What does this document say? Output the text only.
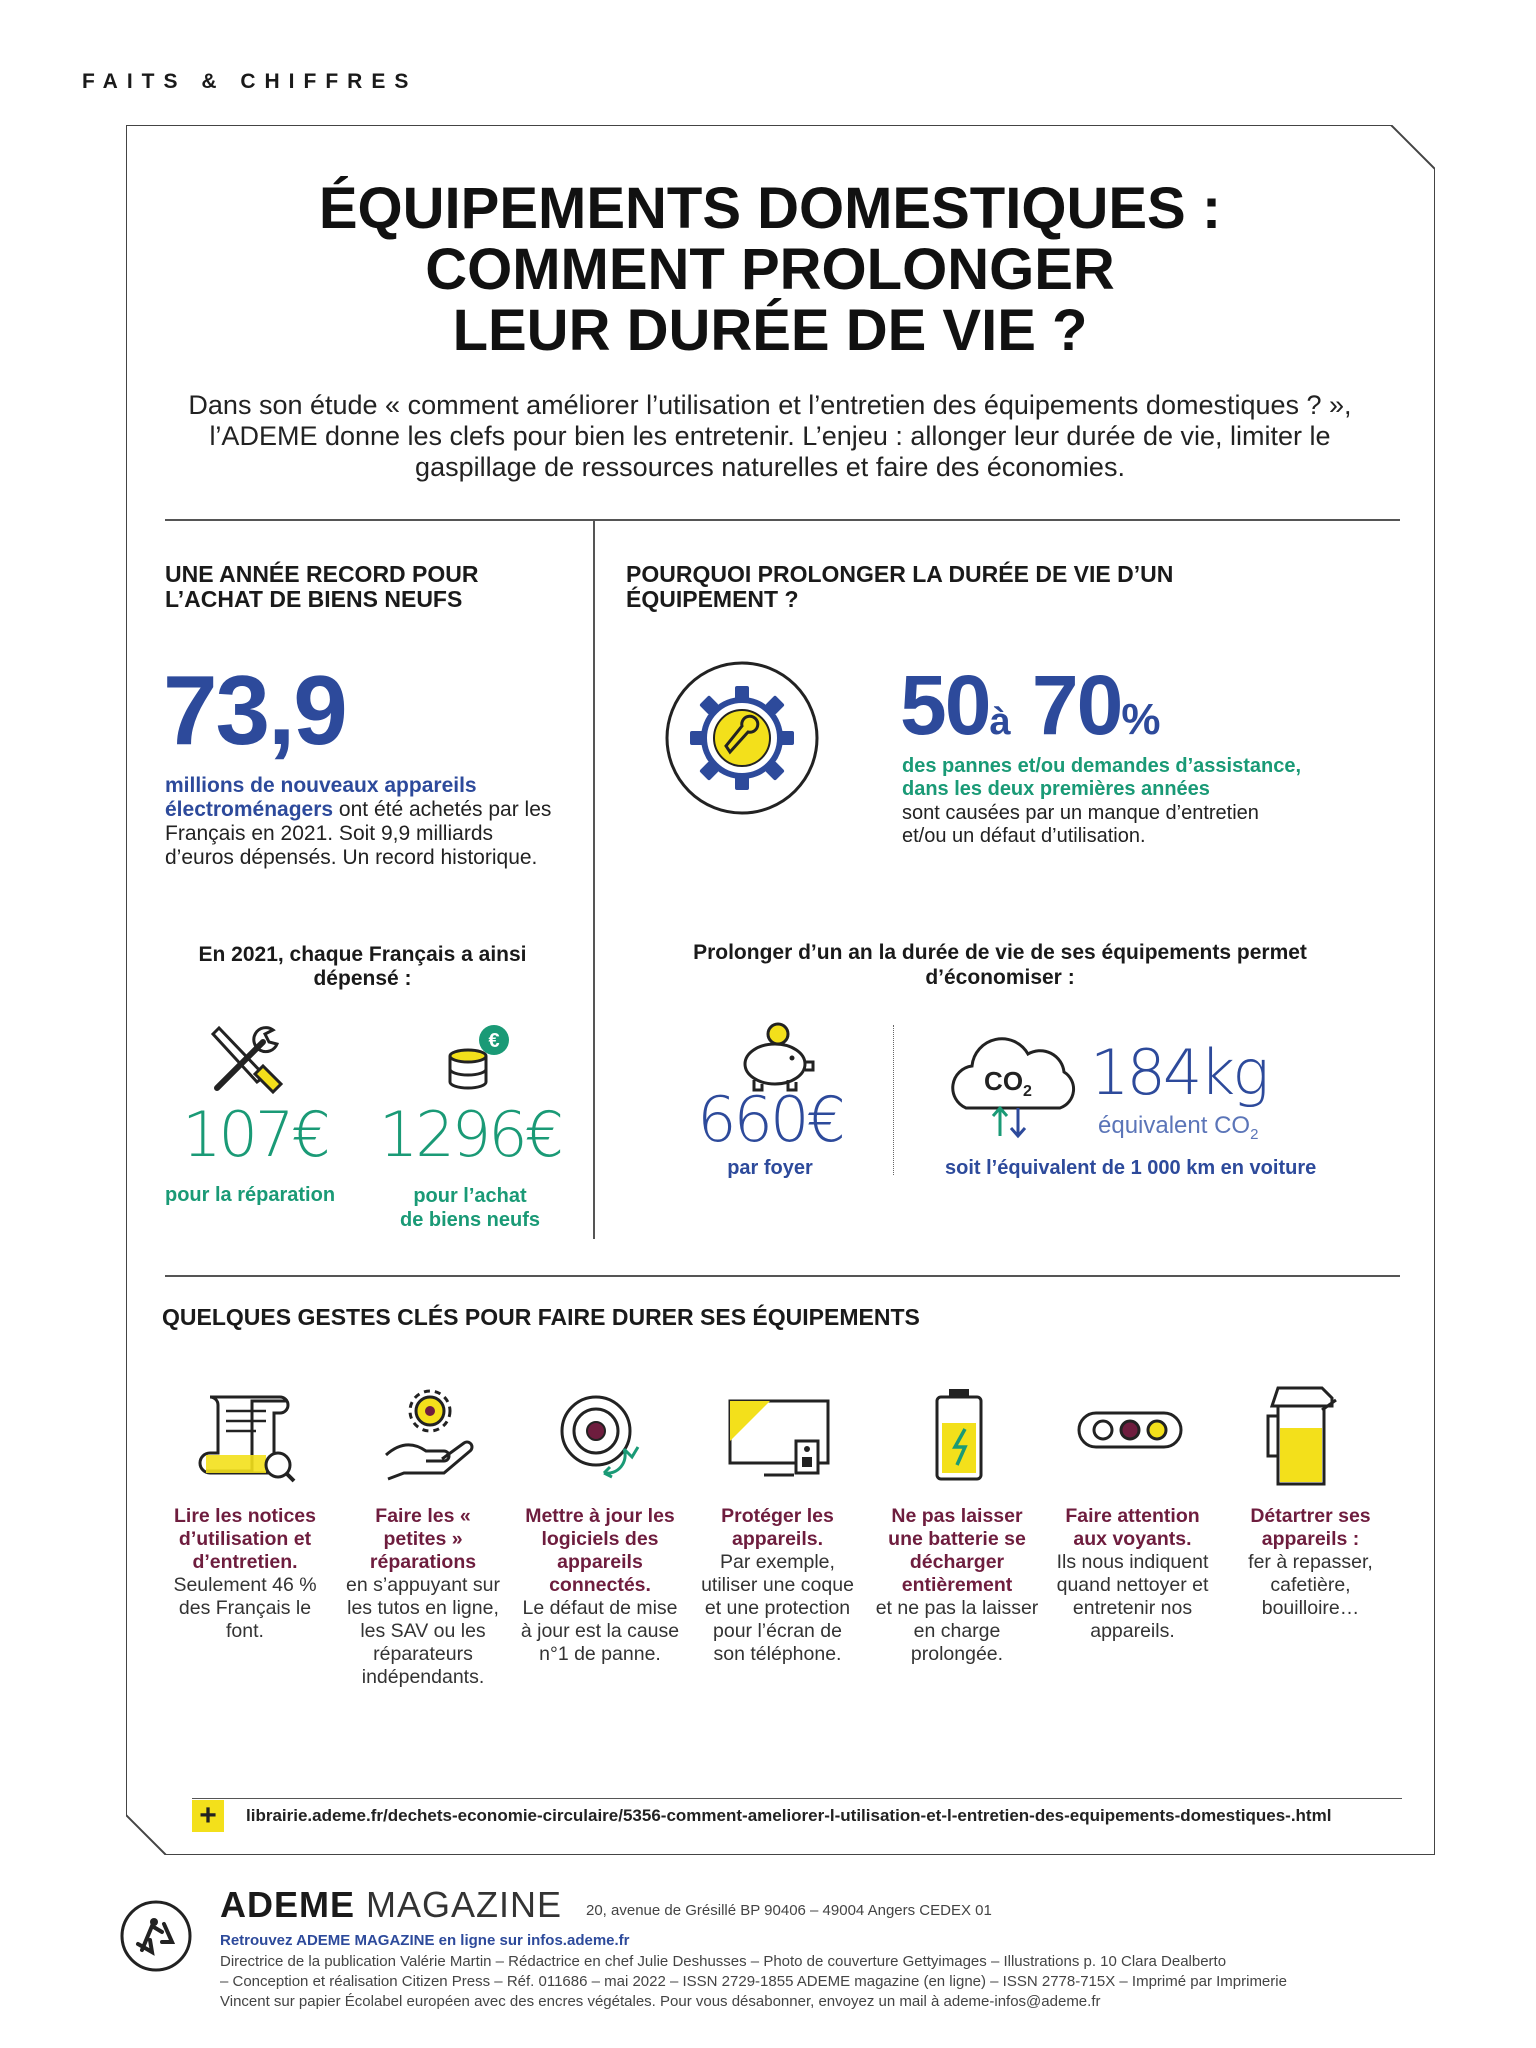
FAITS & CHIFFRES
ÉQUIPEMENTS DOMESTIQUES :
COMMENT PROLONGER
LEUR DURÉE DE VIE ?
Dans son étude « comment améliorer l’utilisation et l’entretien des équipements domestiques ? », l’ADEME donne les clefs pour bien les entretenir. L’enjeu : allonger leur durée de vie, limiter le gaspillage de ressources naturelles et faire des économies.
UNE ANNÉE RECORD POUR L’ACHAT DE BIENS NEUFS
73,9
millions de nouveaux appareils électroménagers ont été achetés par les Français en 2021. Soit 9,9 milliards d’euros dépensés. Un record historique.
En 2021, chaque Français a ainsi dépensé :
€
107€ 1296€
pour la réparation	pour l’achat
de biens neufs
POURQUOI PROLONGER LA DURÉE DE VIE D’UN ÉQUIPEMENT ?
50à 70%
des pannes et/ou demandes d’assistance,
dans les deux premières années
sont causées par un manque d’entretien
et/ou un défaut d’utilisation.
Prolonger d’un an la durée de vie de ses équipements permet d’économiser :
660€
par foyer
$CO_2$ 184kg
équivalent $CO_2$
soit l’équivalent de 1 000 km en voiture
QUELQUES GESTES CLÉS POUR FAIRE DURER SES ÉQUIPEMENTS
Lire les notices d’utilisation et d’entretien.
Seulement 46 % des Français le font.
Faire les « petites » réparations
en s’appuyant sur les tutos en ligne, les SAV ou les réparateurs indépendants.
Mettre à jour les logiciels des appareils connectés.
Le défaut de mise à jour est la cause n°1 de panne.
Protéger les appareils.
Par exemple, utiliser une coque et une protection pour l’écran de son téléphone.
Ne pas laisser une batterie se décharger entièrement
et ne pas la laisser en charge prolongée.
Faire attention aux voyants.
Ils nous indiquent quand nettoyer et entretenir nos appareils.
Détartrer ses appareils :
fer à repasser, cafetière, bouilloire…
+	librairie.ademe.fr/dechets-economie-circulaire/5356-comment-ameliorer-l-utilisation-et-l-entretien-des-equipements-domestiques-.html
ADEME MAGAZINE 20, avenue de Grésillé BP 90406 – 49004 Angers CEDEX 01
Retrouvez ADEME MAGAZINE en ligne sur infos.ademe.fr
Directrice de la publication Valérie Martin – Rédactrice en chef Julie Deshusses – Photo de couverture Gettyimages – Illustrations p. 10 Clara Dealberto
– Conception et réalisation Citizen Press – Réf. 011686 – mai 2022 – ISSN 2729-1855 ADEME magazine (en ligne) – ISSN 2778-715X – Imprimé par Imprimerie
Vincent sur papier Écolabel européen avec des encres végétales. Pour vous désabonner, envoyez un mail à ademe-infos@ademe.fr
